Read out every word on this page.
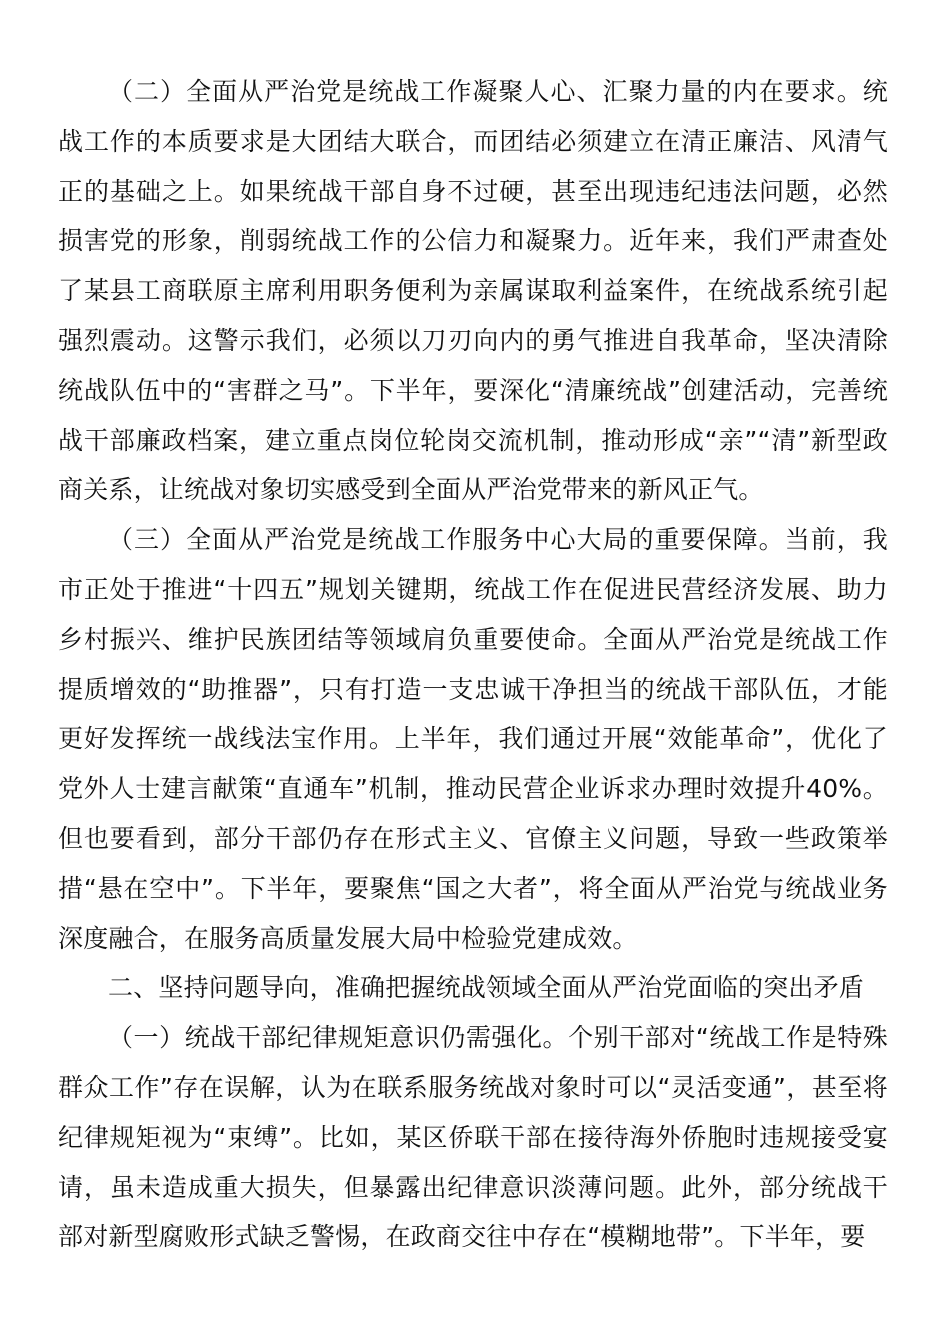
（二）全面从严治党是统战工作凝聚人心、汇聚力量的内在要求。统战工作的本质要求是大团结大联合，而团结必须建立在清正廉洁、风清气正的基础之上。如果统战干部自身不过硬，甚至出现违纪违法问题，必然损害党的形象，削弱统战工作的公信力和凝聚力。近年来，我们严肃查处了某县工商联原主席利用职务便利为亲属谋取利益案件，在统战系统引起强烈震动。这警示我们，必须以刀刃向内的勇气推进自我革命，坚决清除统战队伍中的“害群之马”。下半年，要深化“清廉统战”创建活动，完善统战干部廉政档案，建立重点岗位轮岗交流机制，推动形成“亲”“清”新型政商关系，让统战对象切实感受到全面从严治党带来的新风正气。

（三）全面从严治党是统战工作服务中心大局的重要保障。当前，我市正处于推进“十四五”规划关键期，统战工作在促进民营经济发展、助力乡村振兴、维护民族团结等领域肩负重要使命。全面从严治党是统战工作提质增效的“助推器”，只有打造一支忠诚干净担当的统战干部队伍，才能更好发挥统一战线法宝作用。上半年，我们通过开展“效能革命”，优化了党外人士建言献策“直通车”机制，推动民营企业诉求办理时效提升40%。但也要看到，部分干部仍存在形式主义、官僚主义问题，导致一些政策举措“悬在空中”。下半年，要聚焦“国之大者”，将全面从严治党与统战业务深度融合，在服务高质量发展大局中检验党建成效。

二、坚持问题导向，准确把握统战领域全面从严治党面临的突出矛盾

（一）统战干部纪律规矩意识仍需强化。个别干部对“统战工作是特殊群众工作”存在误解，认为在联系服务统战对象时可以“灵活变通”，甚至将纪律规矩视为“束缚”。比如，某区侨联干部在接待海外侨胞时违规接受宴请，虽未造成重大损失，但暴露出纪律意识淡薄问题。此外，部分统战干部对新型腐败形式缺乏警惕，在政商交往中存在“模糊地带”。下半年，要
